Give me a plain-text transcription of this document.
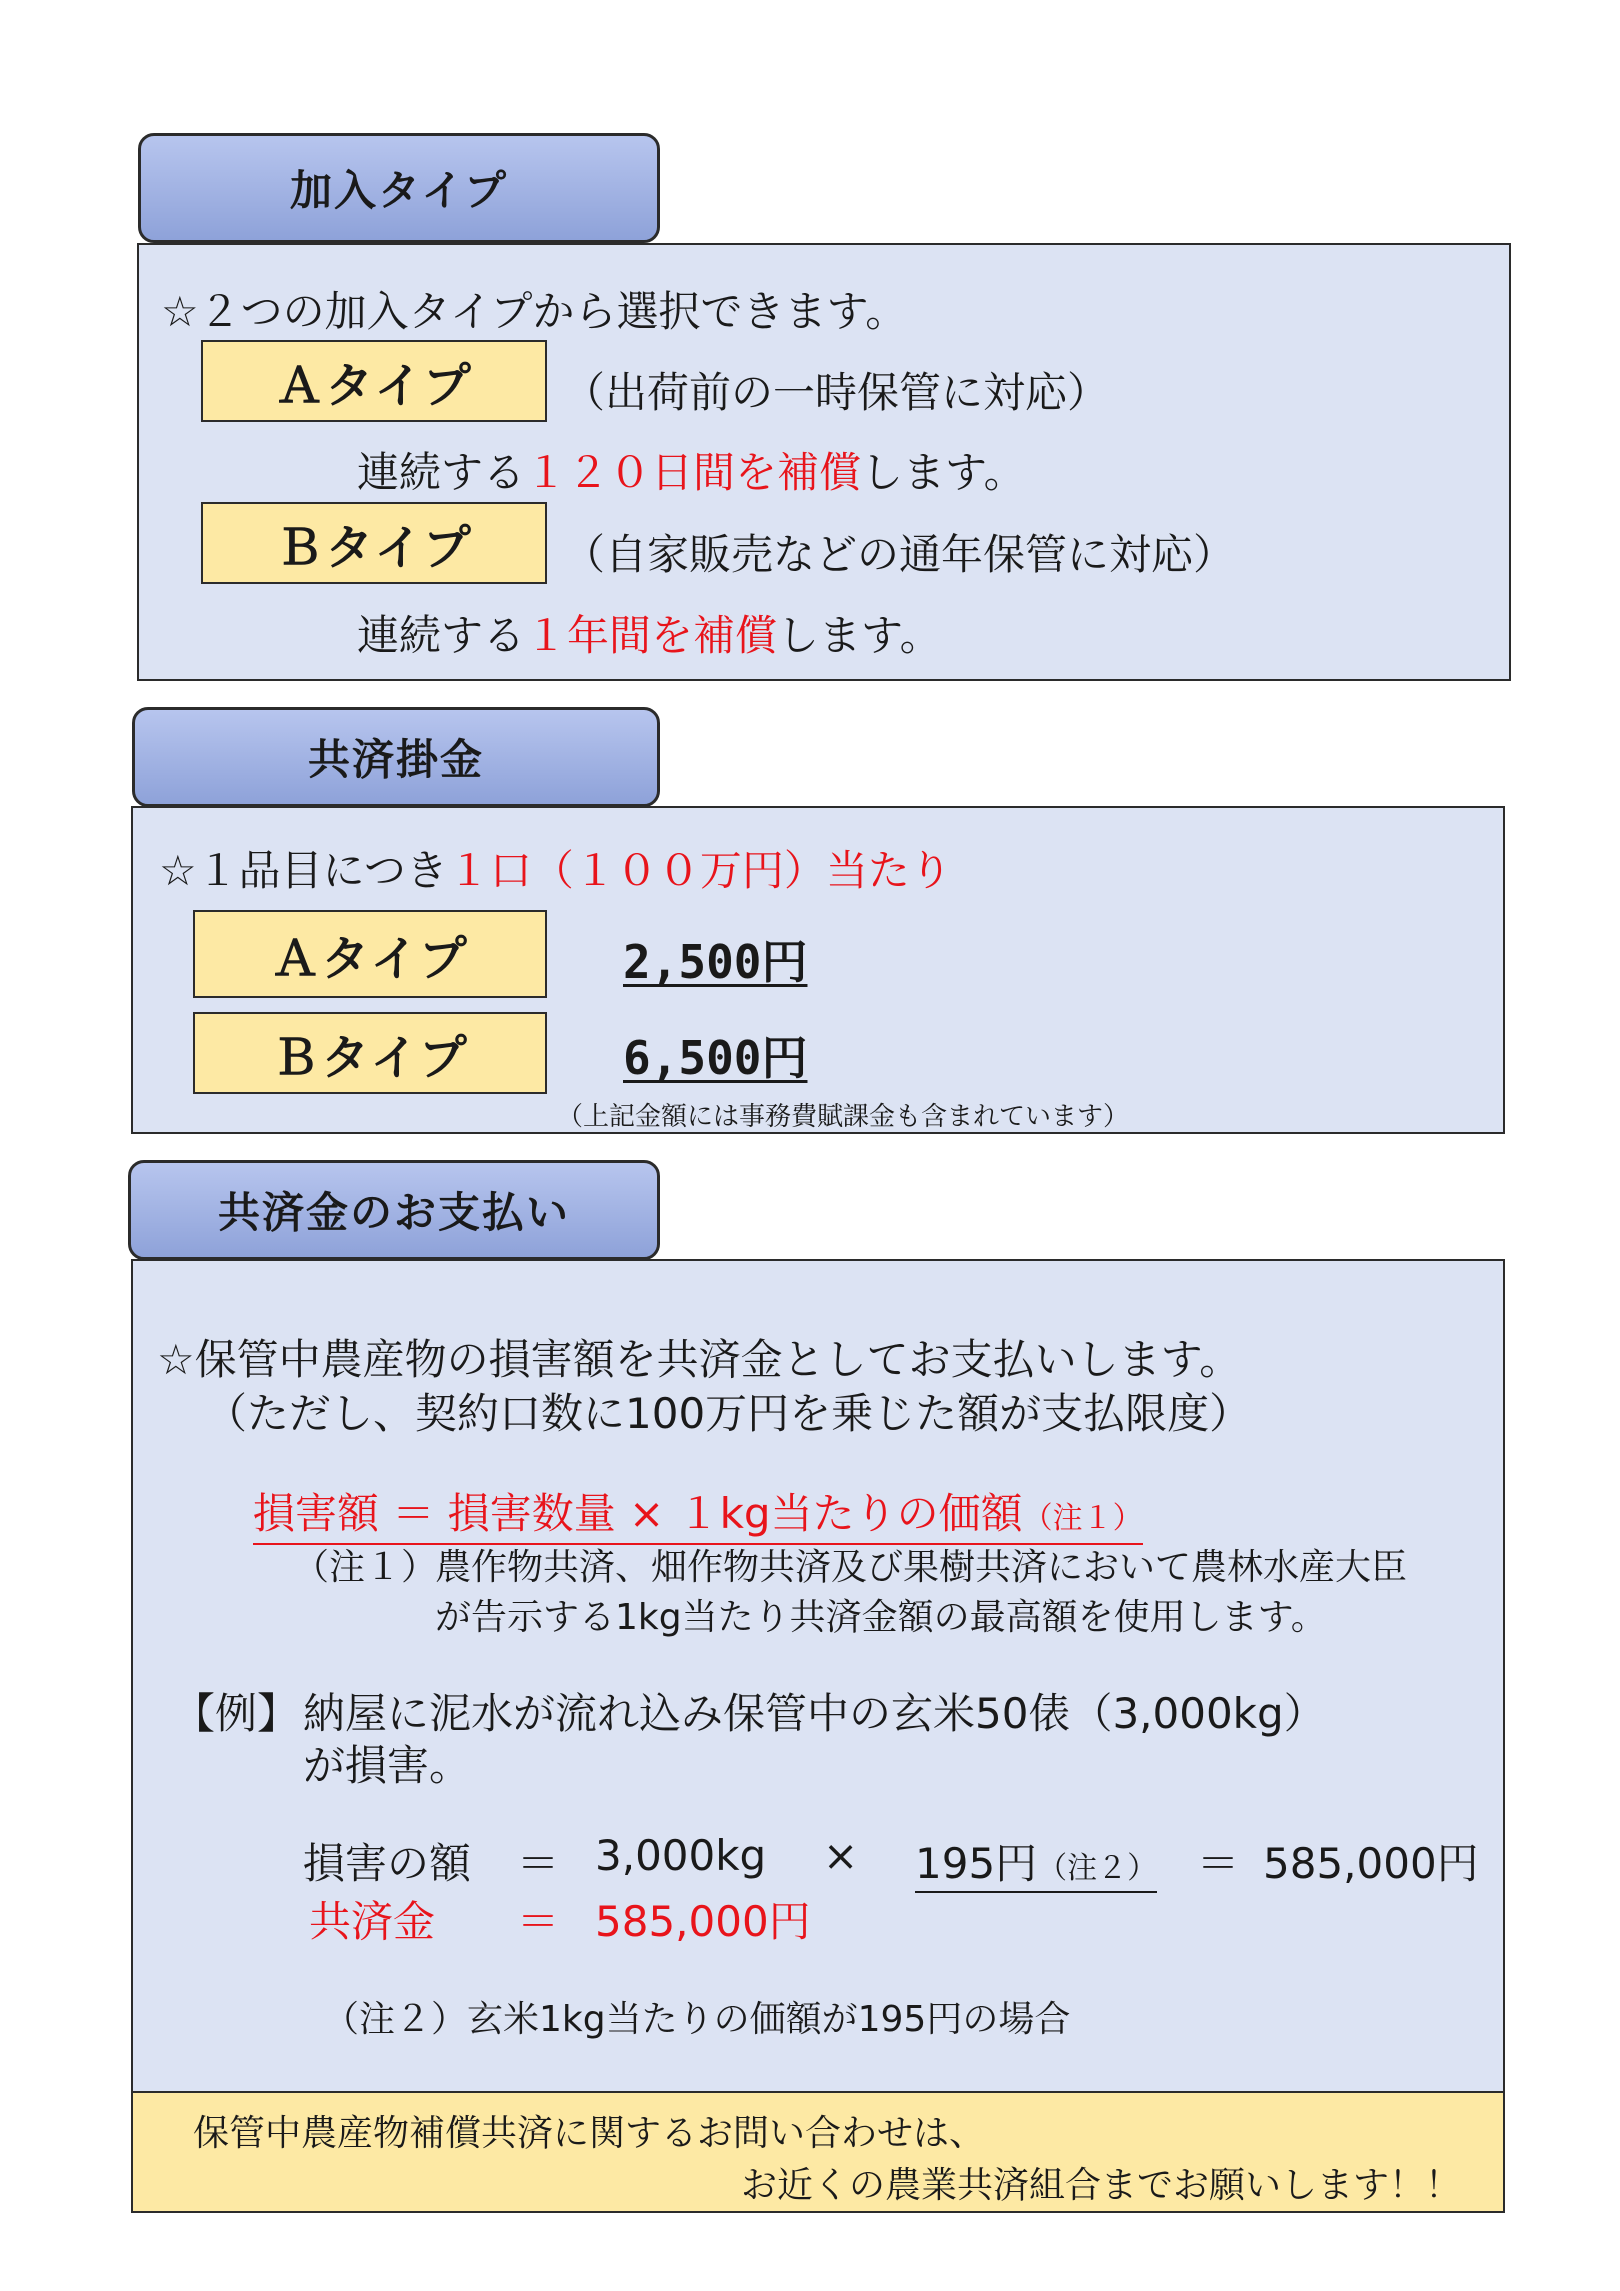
加入タイプ
☆２つの加入タイプから選択できます。
Ａタイプ （出荷前の一時保管に対応）
連続する１２０日間を補償します。
Ｂタイプ （自家販売などの通年保管に対応）
連続する１年間を補償します。
共済掛金
☆１品目につき１口（１００万円）当たり
Ａタイプ	2,500円
Ｂタイプ	6,500円
（上記金額には事務費賦課金も含まれています）
共済金のお支払い
☆保管中農産物の損害額を共済金としてお支払いします。
（ただし、契約口数に100万円を乗じた額が支払限度）
損害額 ＝ 損害数量 × １kg当たりの価額（注１）
（注１）
農作物共済、畑作物共済及び果樹共済において農林水産大臣
が告示する1kg当たり共済金額の最高額を使用します。
【例】 納屋に泥水が流れ込み保管中の玄米50俵（3,000kg）
が損害。
損害の額 ＝ 3,000kg × 195円（注２） ＝ 585,000円
共済金 ＝ 585,000円
（注２）玄米1kg当たりの価額が195円の場合
保管中農産物補償共済に関するお問い合わせは、
お近くの農業共済組合までお願いします！！
